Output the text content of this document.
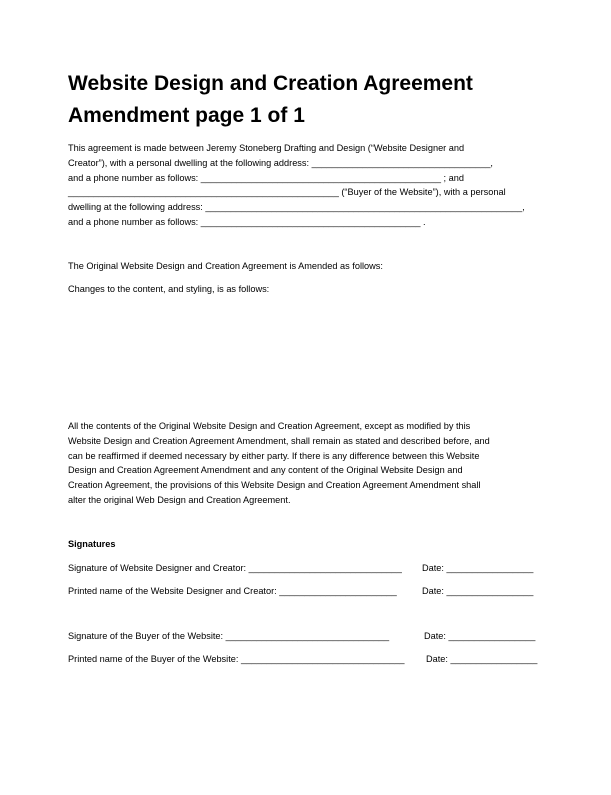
Website Design and Creation Agreement
Amendment page 1 of 1
This agreement is made between Jeremy Stoneberg Drafting and Design (“Website Designer and
Creator”), with a personal dwelling at the following address: ___________________________________,
and a phone number as follows: _______________________________________________ ; and
_____________________________________________________ (“Buyer of the Website”), with a personal
dwelling at the following address: ______________________________________________________________,
and a phone number as follows: ___________________________________________ .
The Original Website Design and Creation Agreement is Amended as follows:
Changes to the content, and styling, is as follows:
All the contents of the Original Website Design and Creation Agreement, except as modified by this
Website Design and Creation Agreement Amendment, shall remain as stated and described before, and
can be reaffirmed if deemed necessary by either party. If there is any difference between this Website
Design and Creation Agreement Amendment and any content of the Original Website Design and
Creation Agreement, the provisions of this Website Design and Creation Agreement Amendment shall
alter the original Web Design and Creation Agreement.
Signatures
Signature of Website Designer and Creator: ______________________________ Date: _________________
Printed name of the Website Designer and Creator: _______________________	Date: _________________
Signature of the Buyer of the Website: ________________________________	Date: _________________
Printed name of the Buyer of the Website: ________________________________ Date: _________________
